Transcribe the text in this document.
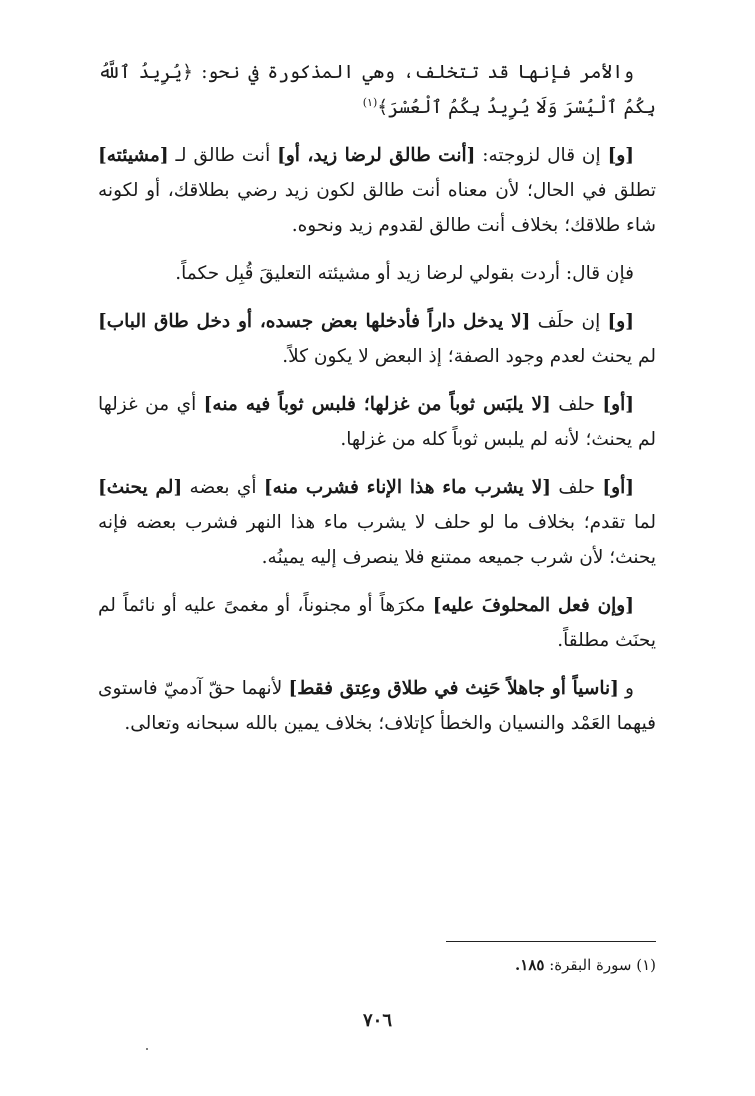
والأمر فإنها قد تتخلف، وهي المذكورة في نحو: ﴿يُرِيدُ ٱللَّهُ بِكُمُ ٱلْيُسْرَ وَلَا يُرِيدُ بِكُمُ ٱلْعُسْرَ﴾$^{(١)}$

[و] إن قال لزوجته: [أنت طالق لرضا زيد، أو] أنت طالق لـ [مشيئته] تطلق في الحال؛ لأن معناه أنت طالق لكون زيد رضي بطلاقك، أو لكونه شاء طلاقك؛ بخلاف أنت طالق لقدوم زيد ونحوه.

فإن قال: أردت بقولي لرضا زيد أو مشيئته التعليقَ قُبِل حكماً.

[و] إن حلَف [لا يدخل داراً فأدخلها بعض جسده، أو دخل طاق الباب] لم يحنث لعدم وجود الصفة؛ إذ البعض لا يكون كلاً.

[أو] حلف [لا يلبَس ثوباً من غزلها؛ فلبس ثوباً فيه منه] أي من غزلها لم يحنث؛ لأنه لم يلبس ثوباً كله من غزلها.

[أو] حلف [لا يشرب ماء هذا الإناء فشرب منه] أي بعضه [لم يحنث] لما تقدم؛ بخلاف ما لو حلف لا يشرب ماء هذا النهر فشرب بعضه فإنه يحنث؛ لأن شرب جميعه ممتنع فلا ينصرف إليه يمينُه.

[وإن فعل المحلوفَ عليه] مكرَهاً أو مجنوناً، أو مغمىً عليه أو نائماً لم يحنَث مطلقاً.

و [ناسياً أو جاهلاً حَنِث في طلاق وعِتق فقط] لأنهما حقّ آدميّ فاستوى فيهما العَمْد والنسيان والخطأ كإتلاف؛ بخلاف يمين بالله سبحانه وتعالى.

(١) سورة البقرة: ١٨٥.
٧٠٦
